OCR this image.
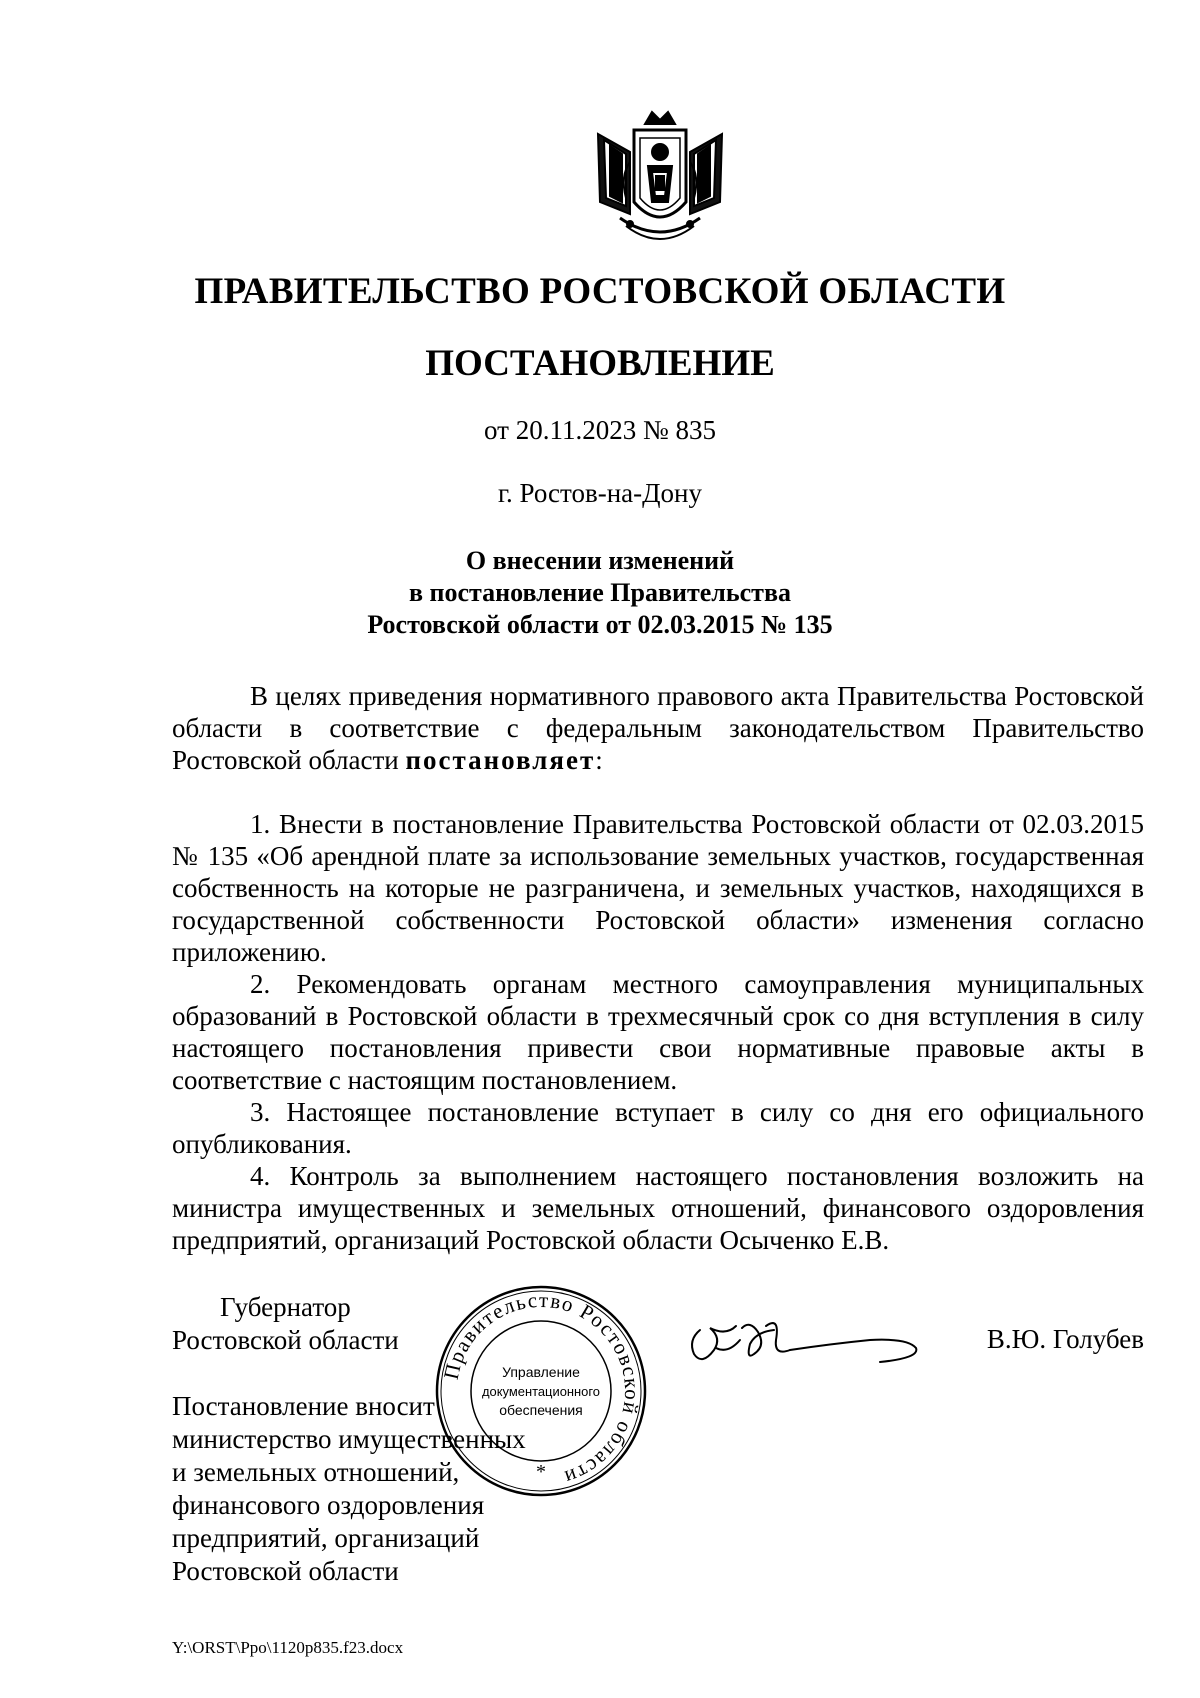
ПРАВИТЕЛЬСТВО РОСТОВСКОЙ ОБЛАСТИ
ПОСТАНОВЛЕНИЕ
от 20.11.2023 № 835
г. Ростов-на-Дону
О внесении изменений
в постановление Правительства
Ростовской области от 02.03.2015 № 135

В целях приведения нормативного правового акта Правительства Ростовской области в соответствие с федеральным законодательством Правительство Ростовской области постановляет:

1. Внести в постановление Правительства Ростовской области от 02.03.2015 № 135 «Об арендной плате за использование земельных участков, государственная собственность на которые не разграничена, и земельных участков, находящихся в государственной собственности Ростовской области» изменения согласно приложению.

2. Рекомендовать органам местного самоуправления муниципальных образований в Ростовской области в трехмесячный срок со дня вступления в силу настоящего постановления привести свои нормативные правовые акты в соответствие с настоящим постановлением.

3. Настоящее постановление вступает в силу со дня его официального опубликования.

4. Контроль за выполнением настоящего постановления возложить на министра имущественных и земельных отношений, финансового оздоровления предприятий, организаций Ростовской области Осыченко Е.В.

Губернатор
Ростовской области	В.Ю. Голубев
Постановление вносит
министерство имущественных
и земельных отношений,
финансового оздоровления
предприятий, организаций
Ростовской области
Правительство Ростовской области
Управление
документационного
обеспечения
*
Y:\ORST\Ppo\1120p835.f23.docx
